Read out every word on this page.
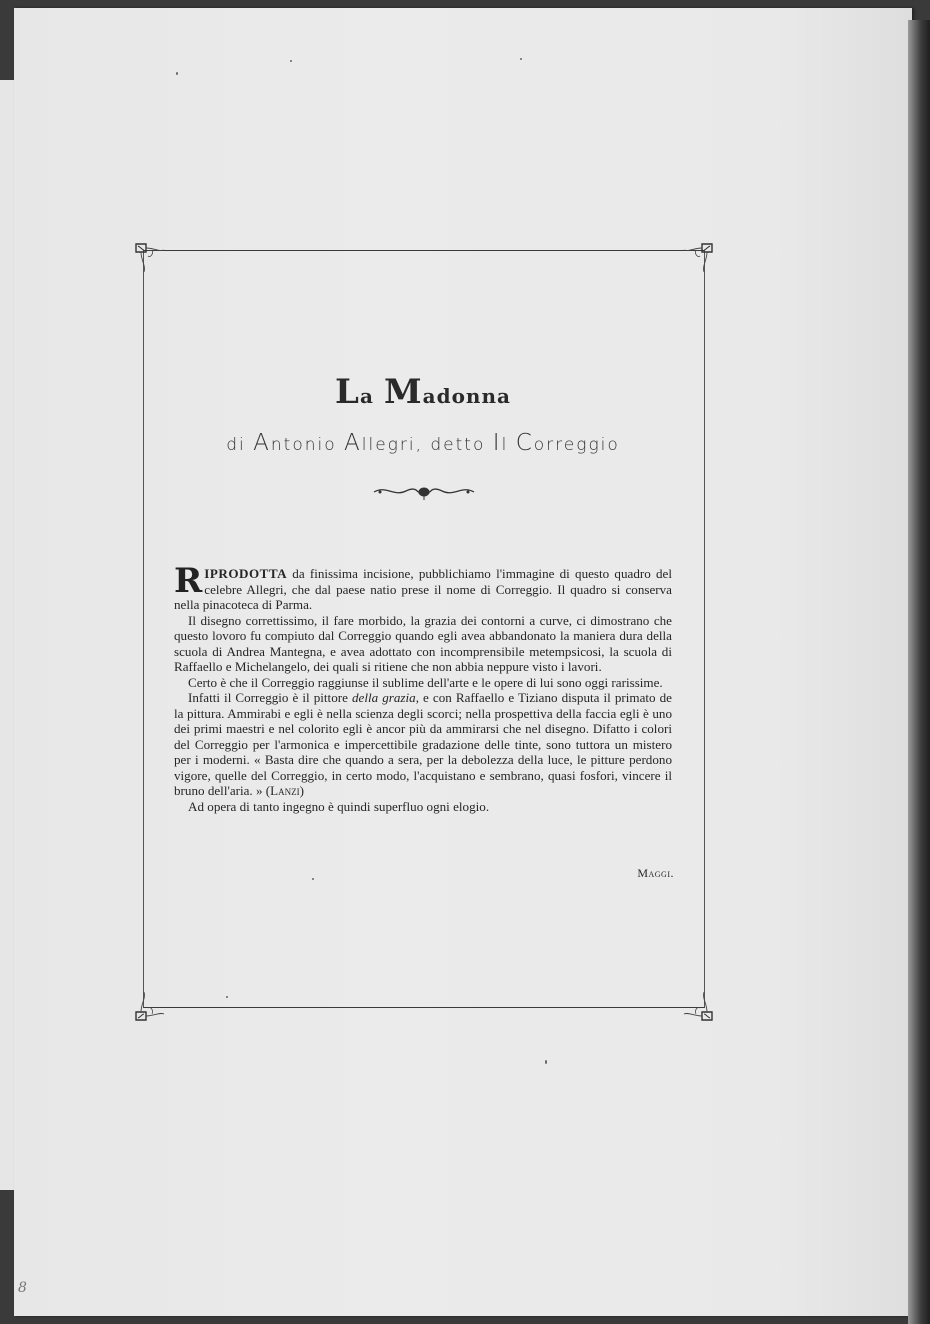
La Madonna
di Antonio Allegri, detto Il Correggio

RIPRODOTTA da finissima incisione, pubblichiamo l'immagine di questo quadro del celebre Allegri, che dal paese natio prese il nome di Correggio. Il quadro si conserva nella pinacoteca di Parma.

Il disegno correttissimo, il fare morbido, la grazia dei contorni a curve, ci dimostrano che questo lovoro fu compiuto dal Correggio quando egli avea abbandonato la maniera dura della scuola di Andrea Mantegna, e avea adottato con incomprensibile metempsicosi, la scuola di Raffaello e Michelangelo, dei quali si ritiene che non abbia neppure visto i lavori.

Certo è che il Correggio raggiunse il sublime dell'arte e le opere di lui sono oggi rarissime.

Infatti il Correggio è il pittore della grazia, e con Raffaello e Tiziano disputa il primato de la pittura. Ammirabi e egli è nella scienza degli scorci; nella prospettiva della faccia egli è uno dei primi maestri e nel colorito egli è ancor più da ammirarsi che nel disegno. Difatto i colori del Correggio per l'armonica e impercettibile gradazione delle tinte, sono tuttora un mistero per i moderni. « Basta dire che quando a sera, per la debolezza della luce, le pitture perdono vigore, quelle del Correggio, in certo modo, l'acquistano e sembrano, quasi fosfori, vincere il bruno dell'aria. » (Lanzi)

Ad opera di tanto ingegno è quindi superfluo ogni elogio.

Maggi.
8
